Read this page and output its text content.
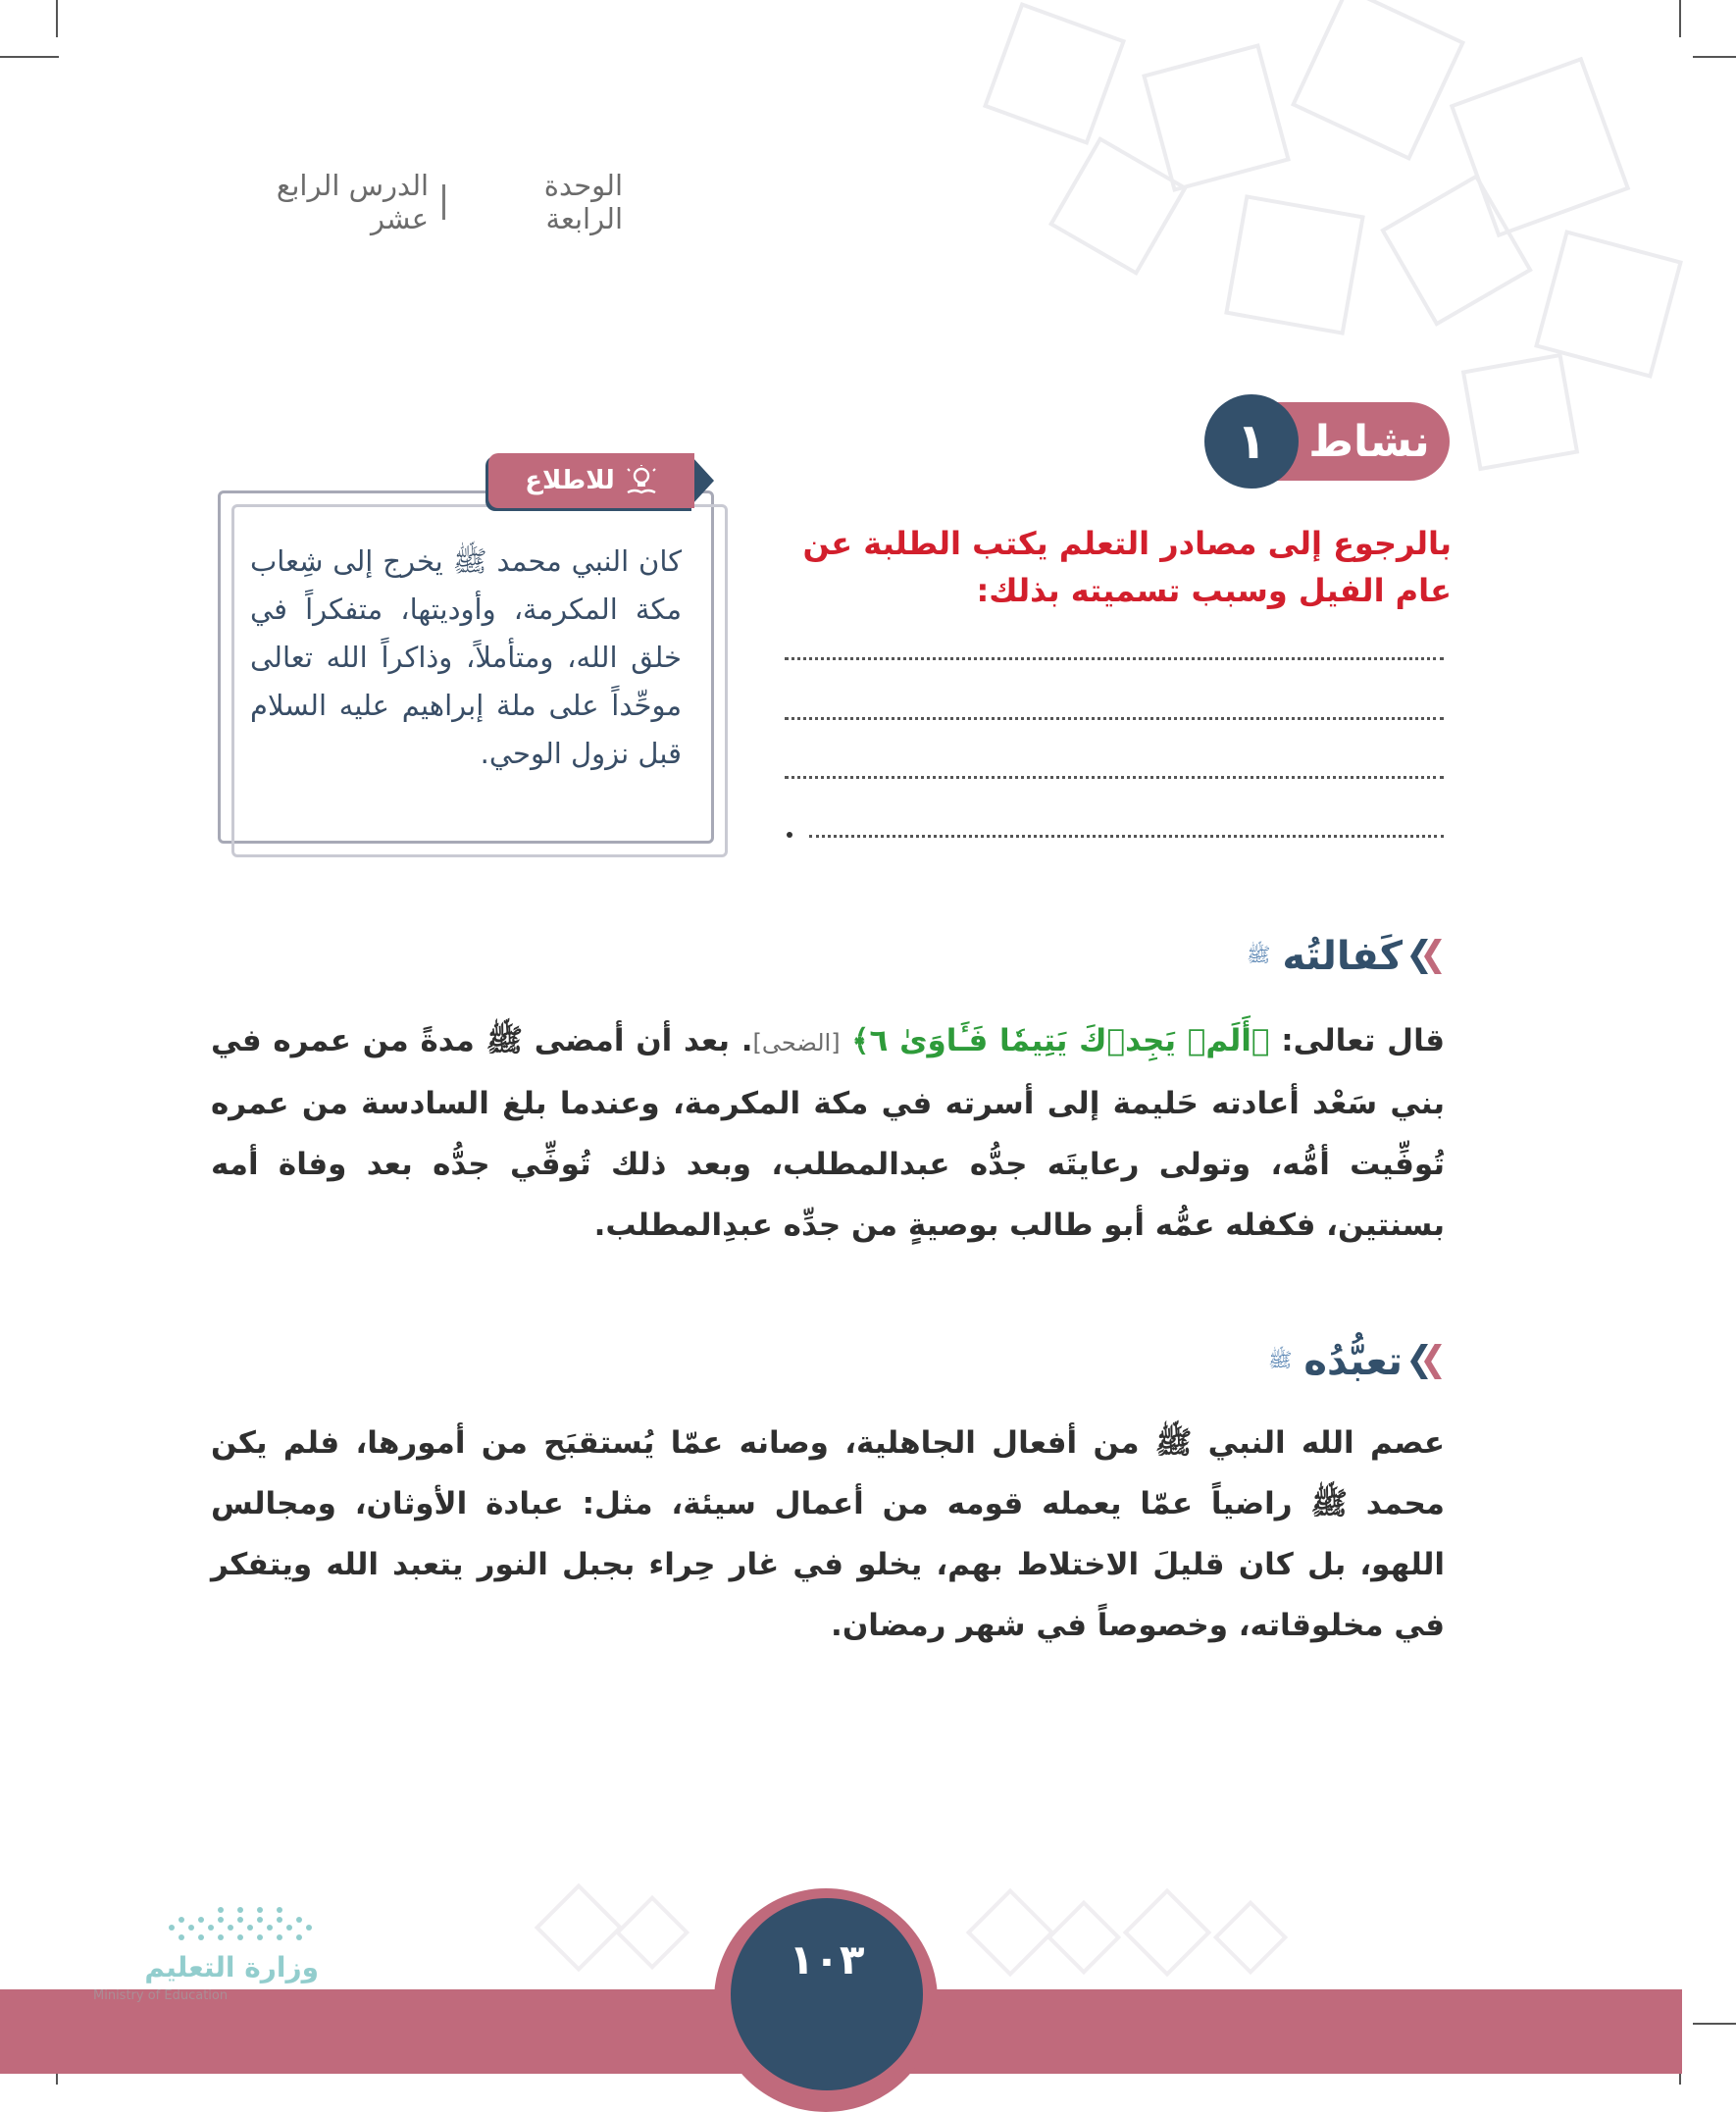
الوحدة الرابعة
الدرس الرابع عشر
نشاط
١
بالرجوع إلى مصادر التعلم يكتب الطلبة عن عام الفيل وسبب تسميته بذلك:
للاطلاع
كان النبي محمد ﷺ يخرج إلى شِعاب مكة المكرمة، وأوديتها، متفكراً في خلق الله، ومتأملاً، وذاكراً الله تعالى موحِّداً على ملة إبراهيم عليه السلام قبل نزول الوحي.
كَفالتُه
ﷺ
قال تعالى: ﴿أَلَمۡ يَجِدۡكَ يَتِيمٗا فَـَٔاوَىٰ ٦﴾ [الضحى]. بعد أن أمضى ﷺ مدةً من عمره في بني سَعْد أعادته حَليمة إلى أسرته في مكة المكرمة، وعندما بلغ السادسة من عمره تُوفِّيت أمُّه، وتولى رعايتَه جدُّه عبدالمطلب، وبعد ذلك تُوفِّي جدُّه بعد وفاة أمه بسنتين، فكفله عمُّه أبو طالب بوصيةٍ من جدِّه عبدِالمطلب.
تعبُّدُه
ﷺ
عصم الله النبي ﷺ من أفعال الجاهلية، وصانه عمّا يُستقبَح من أمورها، فلم يكن محمد ﷺ راضياً عمّا يعمله قومه من أعمال سيئة، مثل: عبادة الأوثان، ومجالس اللهو، بل كان قليلَ الاختلاط بهم، يخلو في غار حِراء بجبل النور يتعبد الله ويتفكر في مخلوقاته، وخصوصاً في شهر رمضان.
١٠٣
وزارة التعليم
Ministry of Education
